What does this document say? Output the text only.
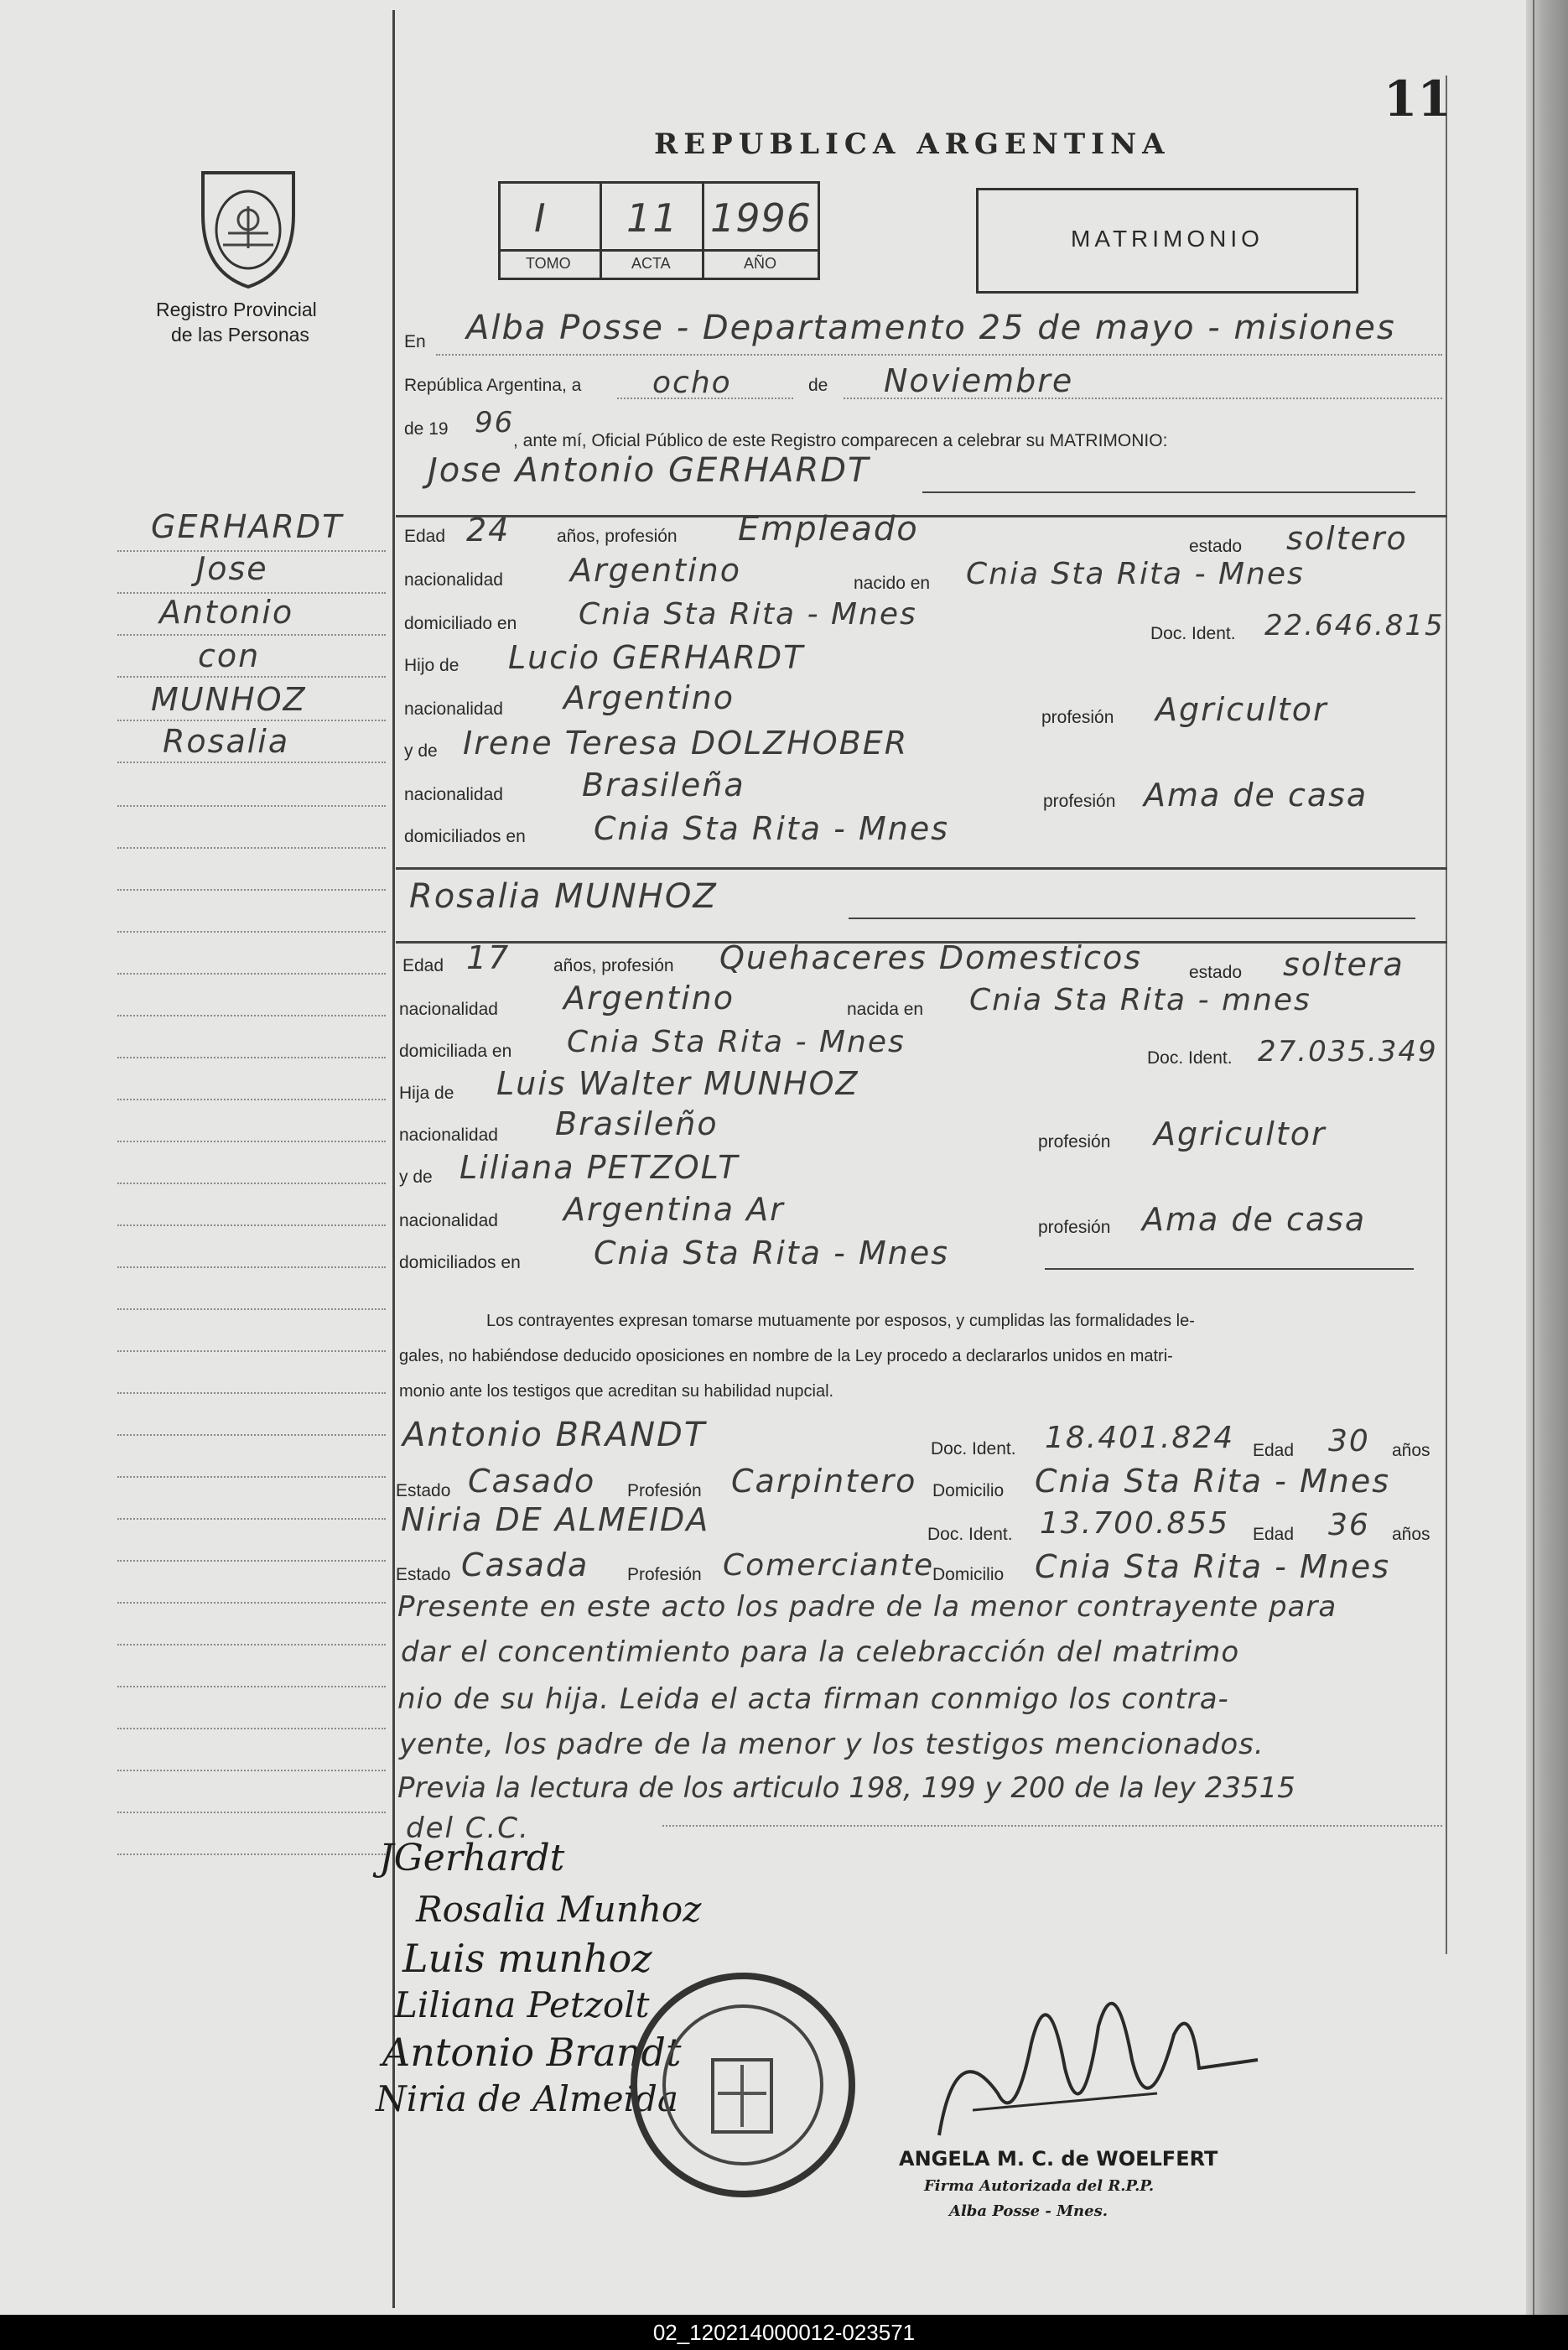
11
REPUBLICA ARGENTINA
I 11 1996
TOMO	ACTA	AÑO
MATRIMONIO
Registro Provincial
de las Personas
GERHARDT
Jose
Antonio
con
MUNHOZ
Rosalia
En Alba Posse - Departamento 25 de mayo - misiones
República Argentina, a ocho	de Noviembre
de 19 96
, ante mí, Oficial Público de este Registro comparecen a celebrar su MATRIMONIO:
Jose Antonio GERHARDT
Edad 24	años, profesión Empleado	estado soltero
nacionalidad Argentino	nacido en Cnia Sta Rita - Mnes
domiciliado en Cnia Sta Rita - Mnes
Doc. Ident. 22.646.815
Hijo de Lucio GERHARDT
nacionalidad Argentino
profesión Agricultor
y de Irene Teresa DOLZHOBER
nacionalidad Brasileña	profesión Ama de casa
domiciliados en Cnia Sta Rita - Mnes
Rosalia MUNHOZ
Edad 17 años, profesión Quehaceres Domesticos	estado soltera
nacionalidad Argentino	nacida en Cnia Sta Rita - mnes
domiciliada en Cnia Sta Rita - Mnes	Doc. Ident. 27.035.349
Hija de Luis Walter MUNHOZ
nacionalidad Brasileño	profesión Agricultor
y de Liliana PETZOLT
nacionalidad Argentina Ar	profesión Ama de casa
domiciliados en Cnia Sta Rita - Mnes
Los contrayentes expresan tomarse mutuamente por esposos, y cumplidas las formalidades le-
gales, no habiéndose deducido oposiciones en nombre de la Ley procedo a declararlos unidos en matri-
monio ante los testigos que acreditan su habilidad nupcial.
Antonio BRANDT	Doc. Ident. 18.401.824 Edad 30 años
Estado Casado Profesión Carpintero Domicilio Cnia Sta Rita - Mnes
Niria DE ALMEIDA	Doc. Ident. 13.700.855 Edad 36 años
Estado Casada Profesión Comerciante
Domicilio Cnia Sta Rita - Mnes
Presente en este acto los padre de la menor contrayente para
dar el concentimiento para la celebracción del matrimo
nio de su hija. Leida el acta firman conmigo los contra-
yente, los padre de la menor y los testigos mencionados.
Previa la lectura de los articulo 198, 199 y 200 de la ley 23515
del C.C.
JGerhardt
Rosalia Munhoz
Luis munhoz
Liliana Petzolt
Antonio Brandt
Niria de Almeida
ANGELA M. C. de WOELFERT
Firma Autorizada del R.P.P.
Alba Posse - Mnes.
02_120214000012-023571
